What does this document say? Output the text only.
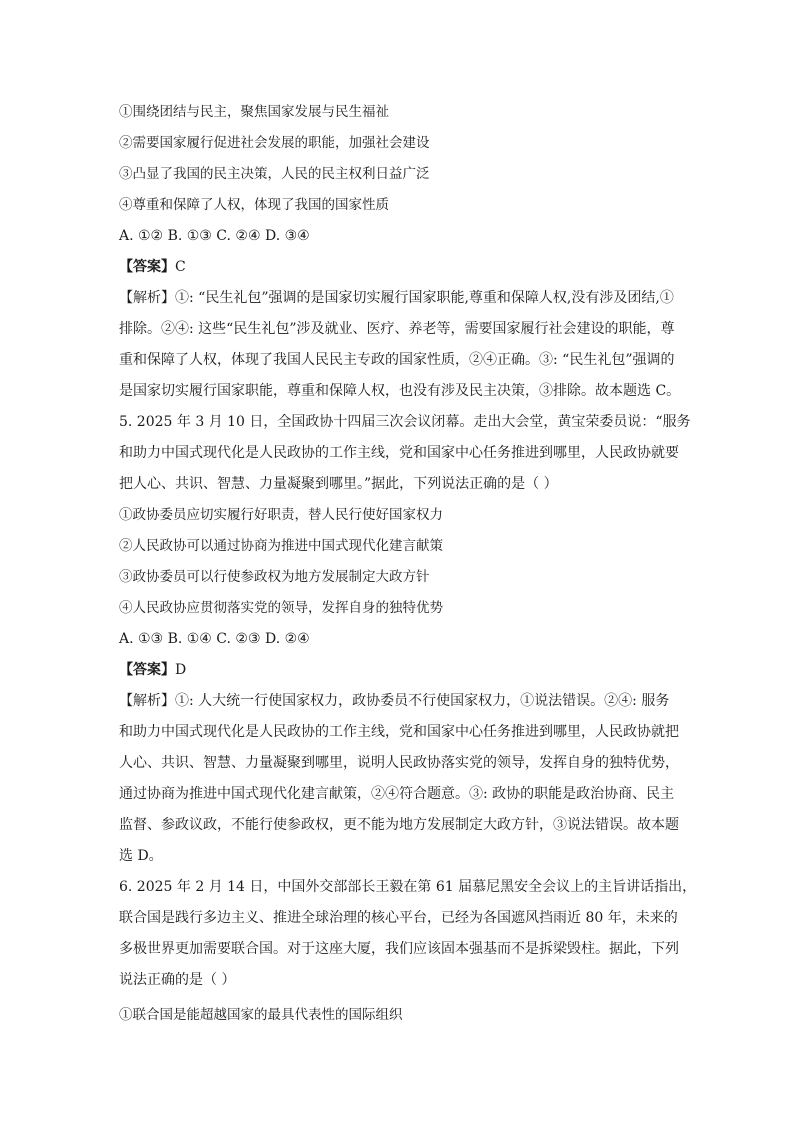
①围绕团结与民主，聚焦国家发展与民生福祉
②需要国家履行促进社会发展的职能，加强社会建设
③凸显了我国的民主决策，人民的民主权利日益广泛
④尊重和保障了人权，体现了我国的国家性质
A. ①② B. ①③ C. ②④ D. ③④
【答案】C
【解析】①: “民生礼包”强调的是国家切实履行国家职能,尊重和保障人权,没有涉及团结,①
排除。②④: 这些“民生礼包”涉及就业、医疗、养老等，需要国家履行社会建设的职能，尊
重和保障了人权，体现了我国人民民主专政的国家性质，②④正确。③: “民生礼包”强调的
是国家切实履行国家职能，尊重和保障人权，也没有涉及民主决策，③排除。故本题选 C。
5. 2025 年 3 月 10 日，全国政协十四届三次会议闭幕。走出大会堂，黄宝荣委员说：“服务
和助力中国式现代化是人民政协的工作主线，党和国家中心任务推进到哪里，人民政协就要
把人心、共识、智慧、力量凝聚到哪里。”据此，下列说法正确的是（ ）
①政协委员应切实履行好职责，替人民行使好国家权力
②人民政协可以通过协商为推进中国式现代化建言献策
③政协委员可以行使参政权为地方发展制定大政方针
④人民政协应贯彻落实党的领导，发挥自身的独特优势
A. ①③ B. ①④ C. ②③ D. ②④
【答案】D
【解析】①: 人大统一行使国家权力，政协委员不行使国家权力，①说法错误。②④: 服务
和助力中国式现代化是人民政协的工作主线，党和国家中心任务推进到哪里，人民政协就把
人心、共识、智慧、力量凝聚到哪里，说明人民政协落实党的领导，发挥自身的独特优势，
通过协商为推进中国式现代化建言献策，②④符合题意。③: 政协的职能是政治协商、民主
监督、参政议政，不能行使参政权，更不能为地方发展制定大政方针，③说法错误。故本题
选 D。
6. 2025 年 2 月 14 日，中国外交部部长王毅在第 61 届慕尼黑安全会议上的主旨讲话指出，
联合国是践行多边主义、推进全球治理的核心平台，已经为各国遮风挡雨近 80 年，未来的
多极世界更加需要联合国。对于这座大厦，我们应该固本强基而不是拆梁毁柱。据此，下列
说法正确的是（ ）
①联合国是能超越国家的最具代表性的国际组织
